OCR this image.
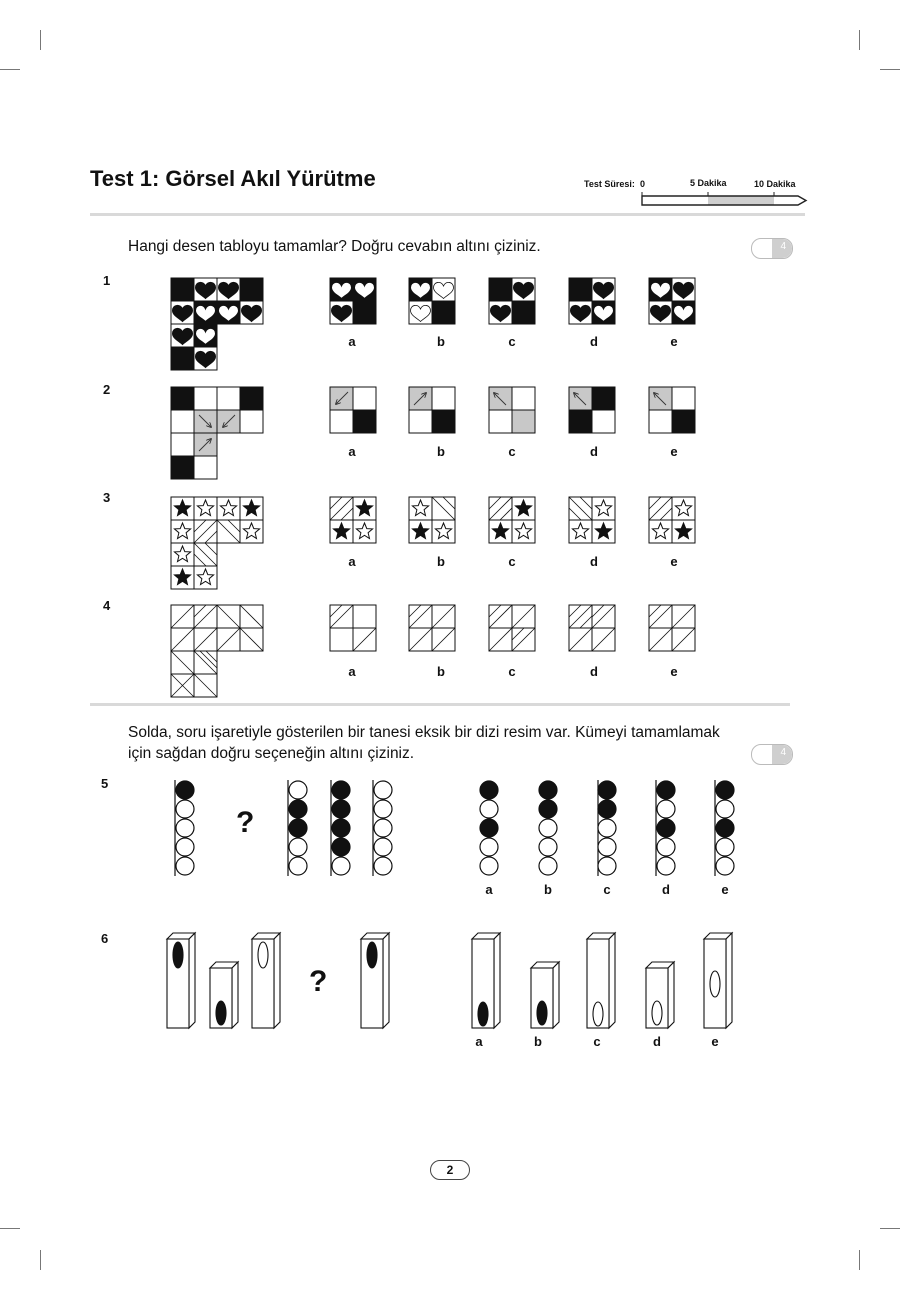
Test 1: Görsel Akıl Yürütme	Test Süresi: 0	5 Dakika	10 Dakika
Hangi desen tabloyu tamamlar? Doğru cevabın altını çiziniz.	4
1
a	b	c	d	e
2
a	b	c	d	e
3
a	b	c	d	e
4
a	b	c	d	e
Solda, soru işaretiyle gösterilen bir tanesi eksik bir dizi resim var. Kümeyi tamamlamak
için sağdan doğru seçeneğin altını çiziniz.	4
5
?
a	b	c	d	e
6
?
a	b	c	d	e
2
